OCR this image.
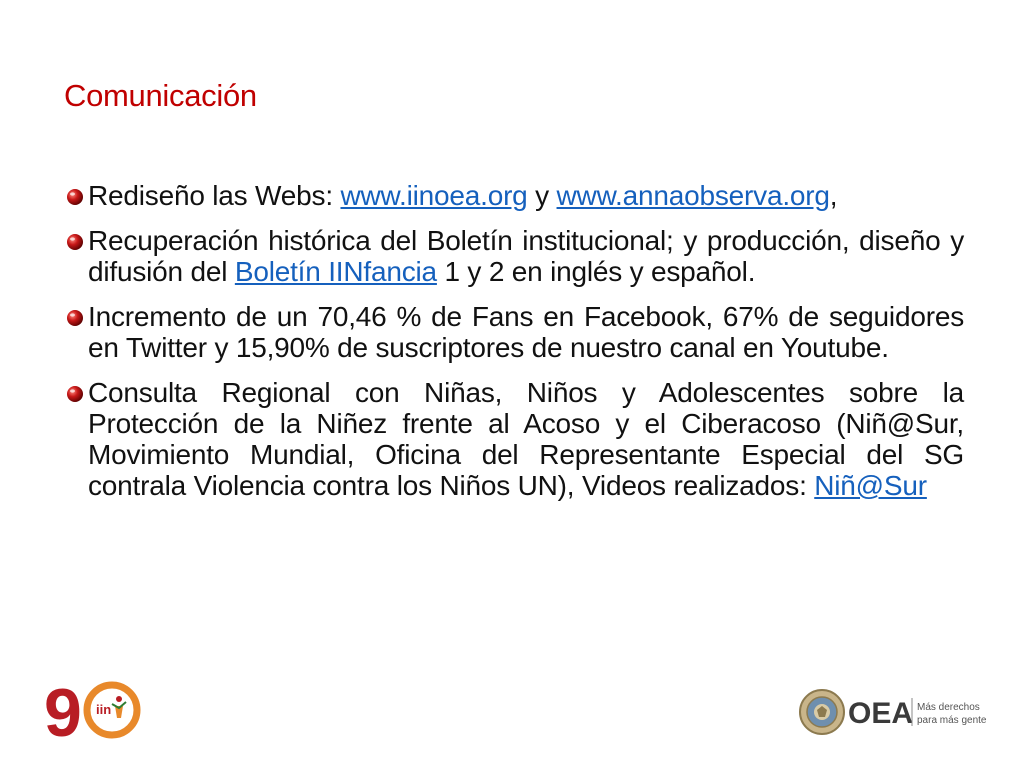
Comunicación
Rediseño las Webs: www.iinoea.org y www.annaobserva.org,
Recuperación histórica del Boletín institucional; y producción, diseño y difusión del Boletín IINfancia 1 y 2 en inglés y español.
Incremento de un 70,46 % de Fans en Facebook, 67% de seguidores en Twitter y 15,90% de suscriptores de nuestro canal en Youtube.
Consulta Regional con Niñas, Niños y Adolescentes sobre la Protección de la Niñez frente al Acoso y el Ciberacoso (Niñ@Sur, Movimiento Mundial, Oficina del Representante Especial del SG contrala Violencia contra los Niños UN), Videos realizados: Niñ@Sur
9 iin	OEA Más derechos
para más gente
